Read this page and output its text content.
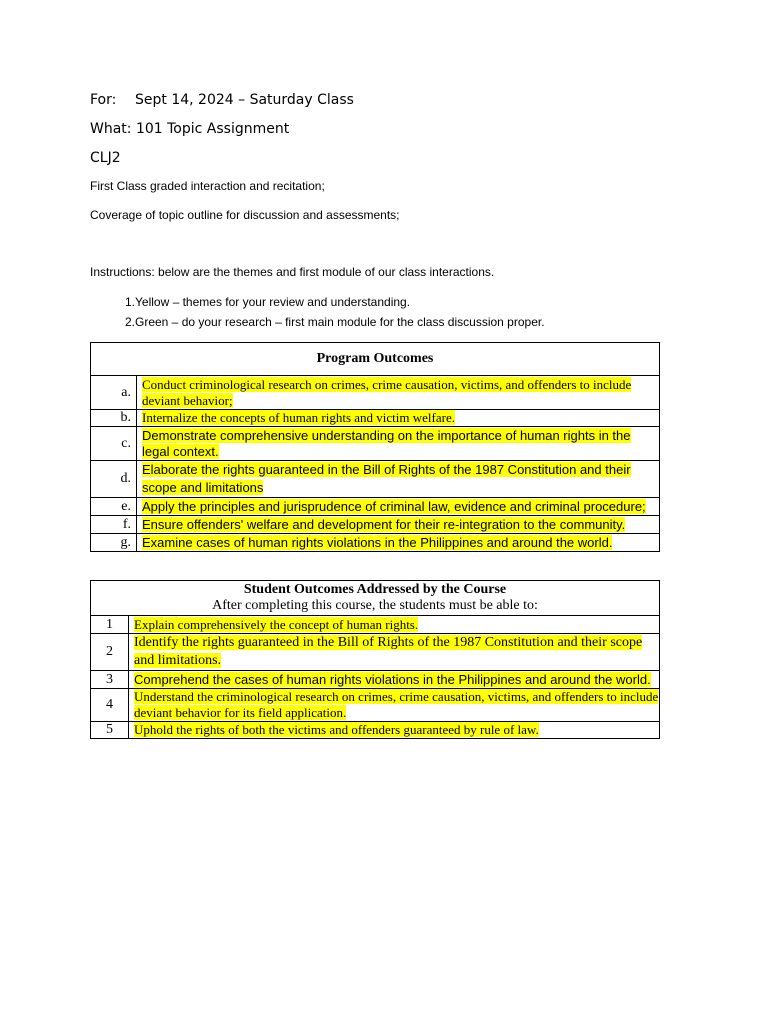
For: Sept 14, 2024 – Saturday Class
What: 101 Topic Assignment
CLJ2
First Class graded interaction and recitation;
Coverage of topic outline for discussion and assessments;
Instructions: below are the themes and first module of our class interactions.
1. Yellow – themes for your review and understanding.
2. Green – do your research – first main module for the class discussion proper.
Program Outcomes	
a.	Conduct criminological research on crimes, crime causation, victims, and offenders to include deviant behavior;
b.	Internalize the concepts of human rights and victim welfare.
c.	Demonstrate comprehensive understanding on the importance of human rights in the legal context.
d.	Elaborate the rights guaranteed in the Bill of Rights of the 1987 Constitution and their scope and limitations
e.	Apply the principles and jurisprudence of criminal law, evidence and criminal procedure;
f.	Ensure offenders' welfare and development for their re-integration to the community.
g.	Examine cases of human rights violations in the Philippines and around the world.
Student Outcomes Addressed by the Course
After completing this course, the students must be able to:	

1	Explain comprehensively the concept of human rights.
2	Identify the rights guaranteed in the Bill of Rights of the 1987 Constitution and their scope and limitations.
3	Comprehend the cases of human rights violations in the Philippines and around the world.
4	Understand the criminological research on crimes, crime causation, victims, and offenders to include deviant behavior for its field application.
5	Uphold the rights of both the victims and offenders guaranteed by rule of law.
